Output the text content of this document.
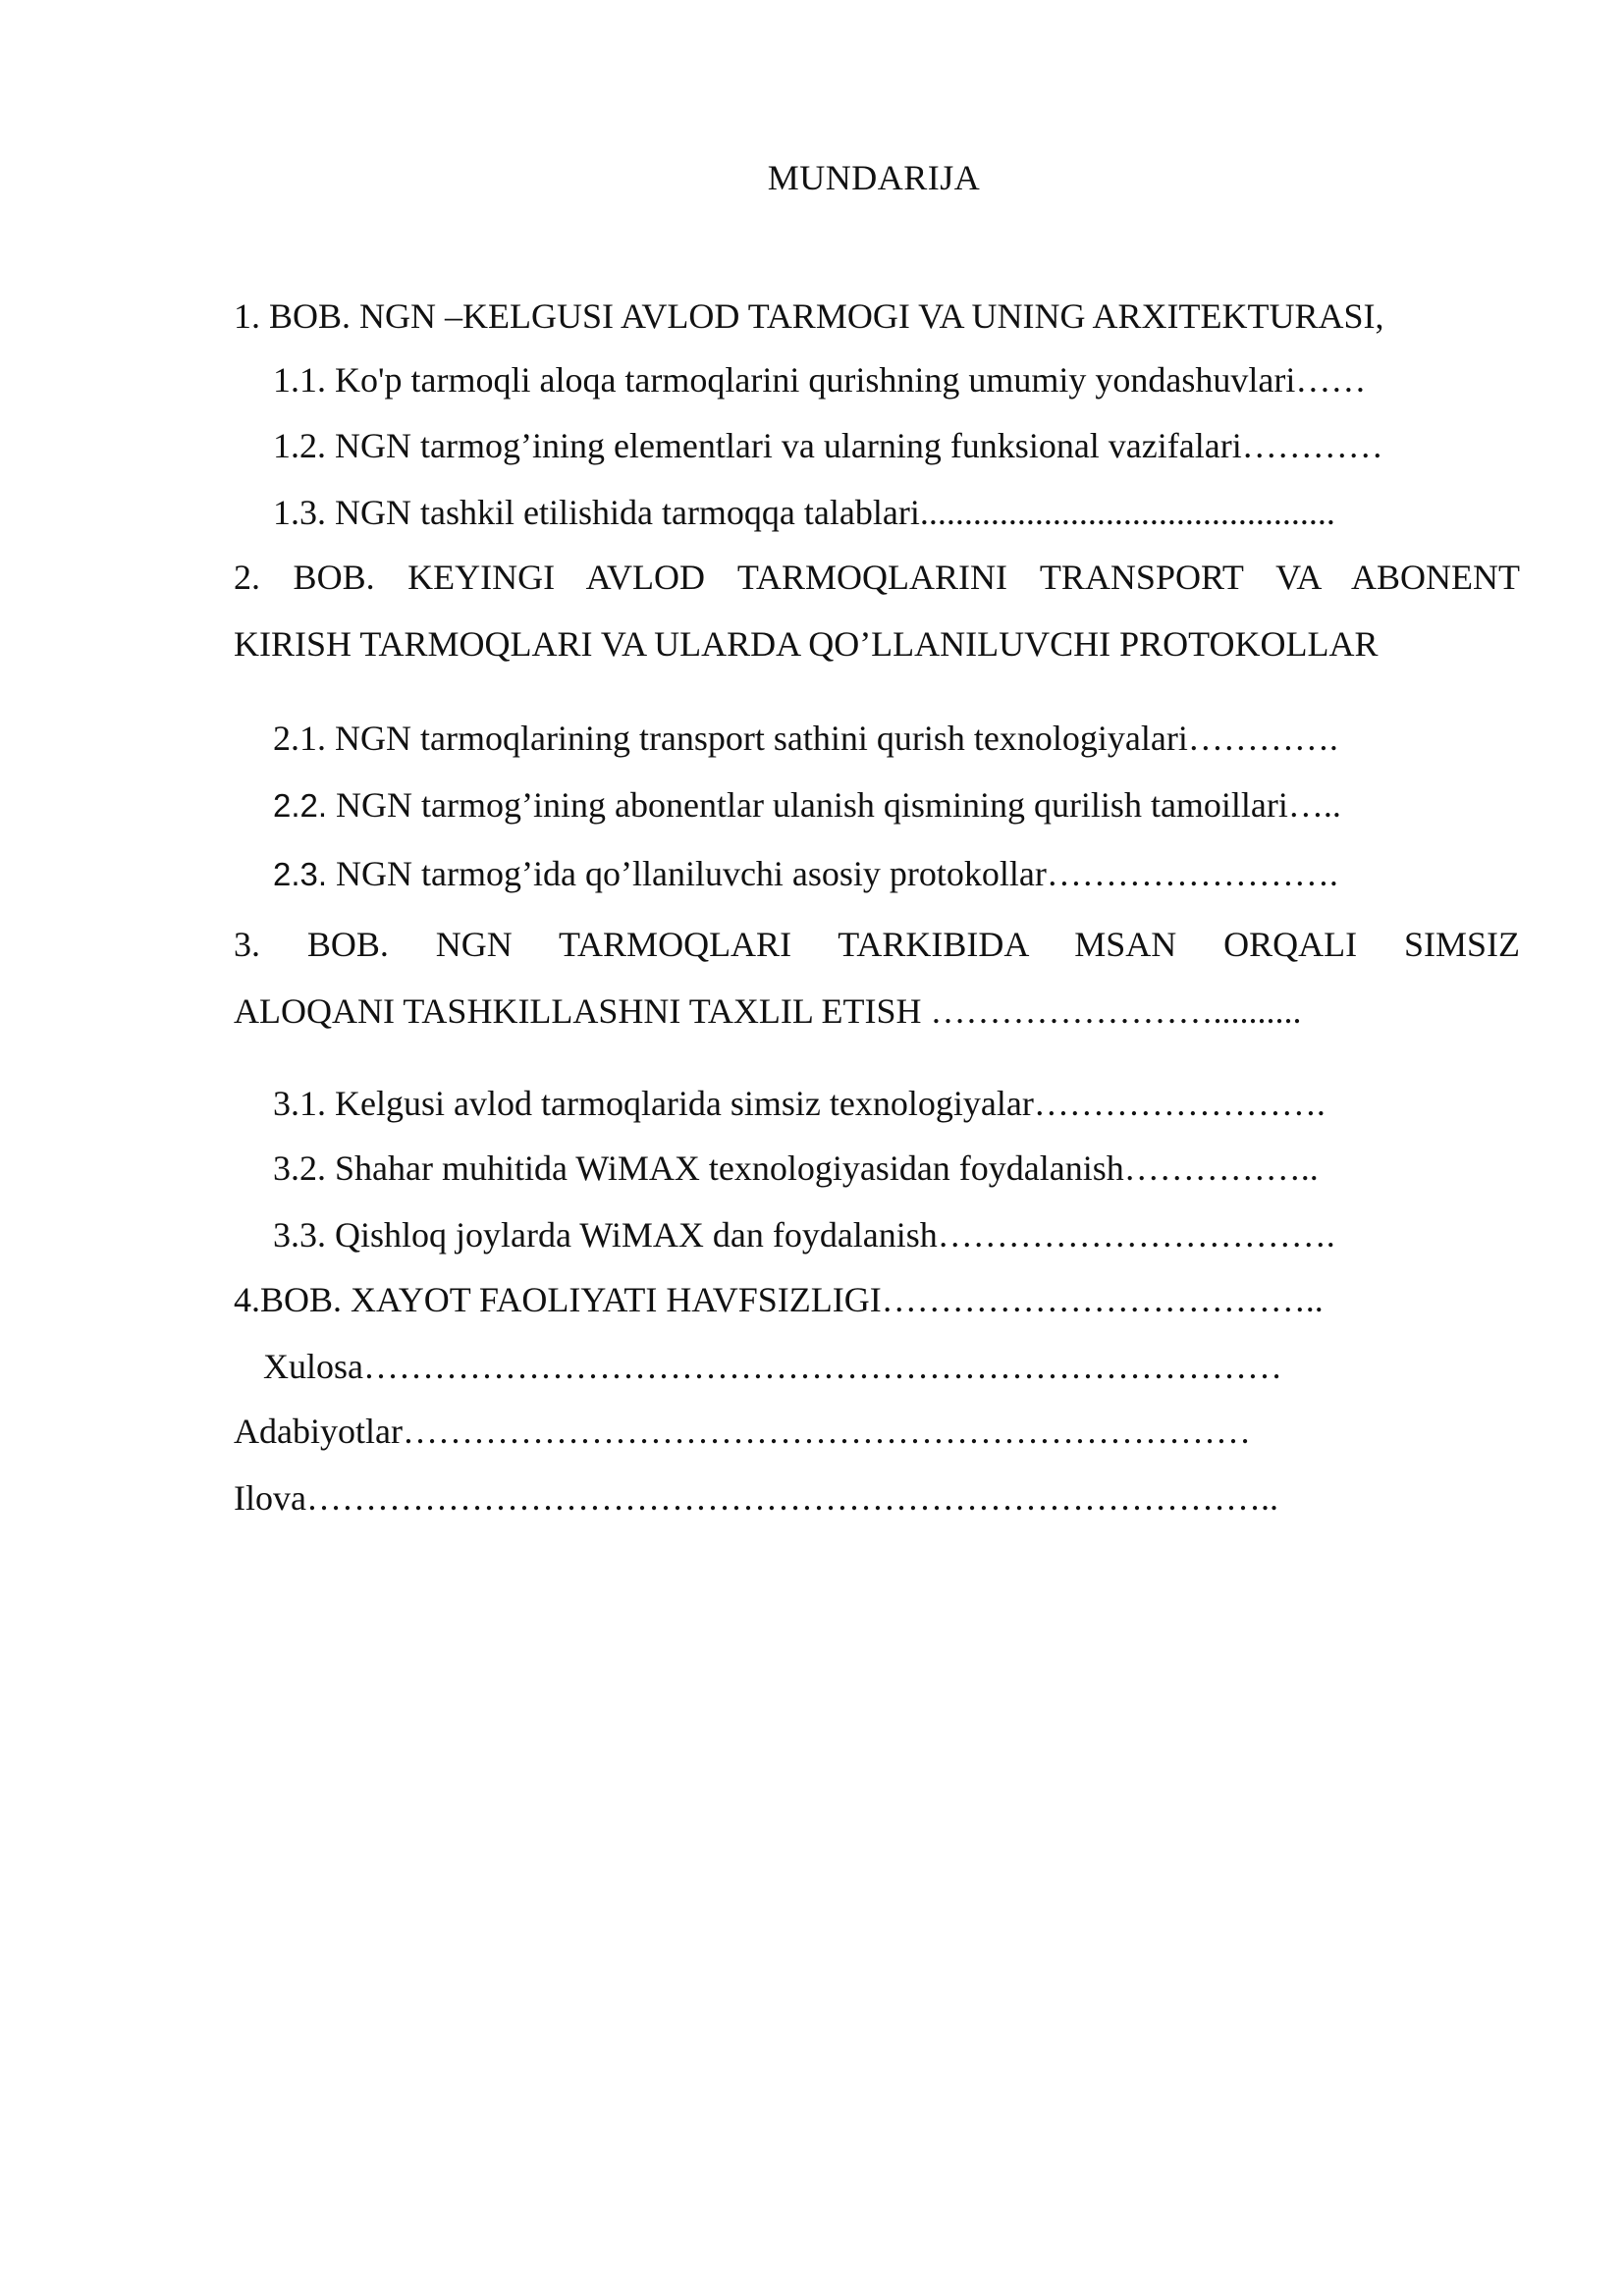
MUNDARIJA
1. BOB. NGN –KELGUSI AVLOD TARMOGI VA UNING ARXITEKTURASI,
1.1. Ko'p tarmoqli aloqa tarmoqlarini qurishning umumiy yondashuvlari……
1.2. NGN tarmog’ining elementlari va ularning funksional vazifalari…………
1.3. NGN tashkil etilishida tarmoqqa talablari...............................................
2. BOB. KEYINGI AVLOD TARMOQLARINI TRANSPORT VA ABONENT
KIRISH TARMOQLARI VA ULARDA QO’LLANILUVCHI PROTOKOLLAR
2.1. NGN tarmoqlarining transport sathini qurish texnologiyalari………….
2.2. NGN tarmog’ining abonentlar ulanish qismining qurilish tamoillari…..
2.3. NGN tarmog’ida qo’llaniluvchi asosiy protokollar…………………….
3. BOB. NGN TARMOQLARI TARKIBIDA MSAN ORQALI SIMSIZ
ALOQANI TASHKILLASHNI TAXLIL ETISH ……………………..........
3.1. Kelgusi avlod tarmoqlarida simsiz texnologiyalar…………………….
3.2. Shahar muhitida WiMAX texnologiyasidan foydalanish……………..
3.3. Qishloq joylarda WiMAX dan foydalanish…………………………….
4.BOB. XAYOT FAOLIYATI HAVFSIZLIGI………………………………..
Xulosa……………………………………………………………………
Adabiyotlar………………………………………………………………
Ilova………………………………………………………………………..
